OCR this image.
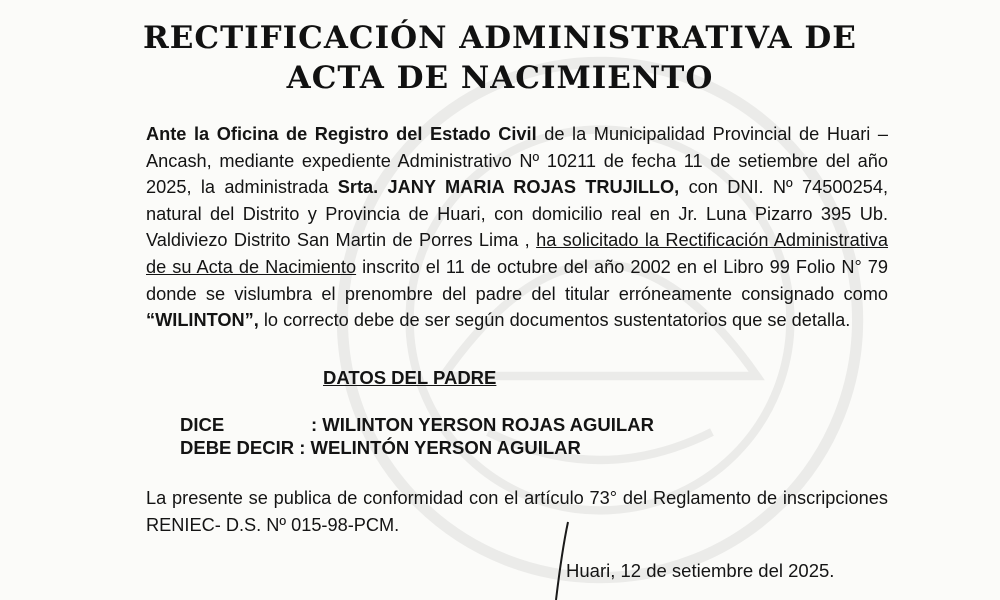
RECTIFICACIÓN ADMINISTRATIVA DE
ACTA DE NACIMIENTO
Ante la Oficina de Registro del Estado Civil de la Municipalidad Provincial de Huari – Ancash, mediante expediente Administrativo Nº 10211 de fecha 11 de setiembre del año 2025, la administrada Srta. JANY MARIA ROJAS TRUJILLO, con DNI. Nº 74500254, natural del Distrito y Provincia de Huari, con domicilio real en Jr. Luna Pizarro 395 Ub. Valdiviezo Distrito San Martin de Porres Lima , ha solicitado la Rectificación Administrativa de su Acta de Nacimiento inscrito el 11 de octubre del año 2002 en el Libro 99 Folio N° 79 donde se vislumbra el prenombre del padre del titular erróneamente consignado como “WILINTON”, lo correcto debe de ser según documentos sustentatorios que se detalla.
DATOS DEL PADRE
DICE	: WILINTON YERSON ROJAS AGUILAR
DEBE DECIR : WELINTÓN YERSON AGUILAR
La presente se publica de conformidad con el artículo 73° del Reglamento de inscripciones RENIEC- D.S. Nº 015-98-PCM.
Huari, 12 de setiembre del 2025.
